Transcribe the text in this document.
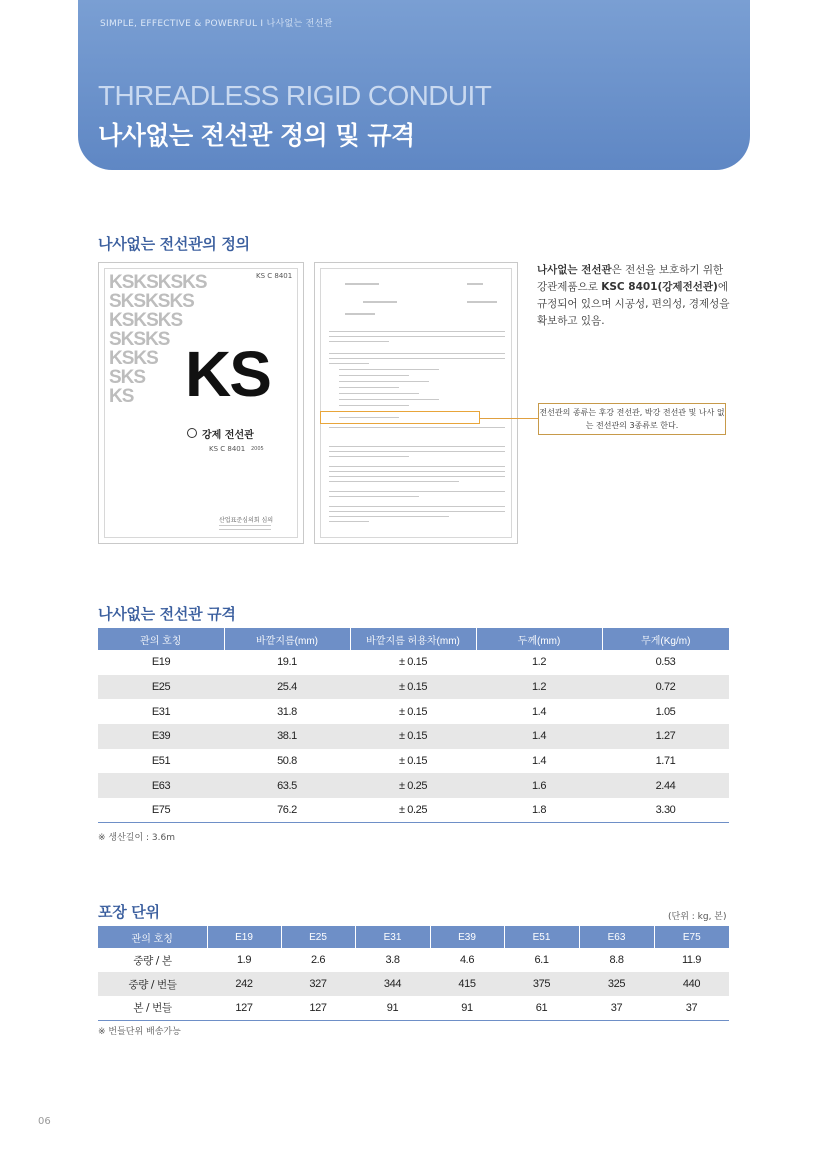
SIMPLE, EFFECTIVE & POWERFUL I 나사없는 전선관
THREADLESS RIGID CONDUIT
나사없는 전선관 정의 및 규격
나사없는 전선관의 정의
KS C 8401
KSKSKSKS
SKSKSKS
KSKSKS
SKSKS
KSKS
SKS
KS KS
강제 전선관
KS C 8401 2005
산업표준심의회 심의
나사없는 전선관은 전선을 보호하기 위한 강관제품으로 KSC 8401(강제전선관)에 규정되어 있으며 시공성, 편의성, 경제성을 확보하고 있음.
전선관의 종류는 후강 전선관, 박강 전선관 및 나사 없는 전선관의 3종류로 한다.
나사없는 전선관 규격
관의 호칭	바깥지름(mm)	바깥지름 허용차(mm)	두께(mm)	무게(Kg/m)
E19	19.1	± 0.15	1.2	0.53
E25	25.4	± 0.15	1.2	0.72
E31	31.8	± 0.15	1.4	1.05
E39	38.1	± 0.15	1.4	1.27
E51	50.8	± 0.15	1.4	1.71
E63	63.5	± 0.25	1.6	2.44
E75	76.2	± 0.25	1.8	3.30
※ 생산길이 : 3.6m
포장 단위	(단위 : kg, 본)
관의 호칭	E19	E25	E31	E39	E51	E63	E75
중량 / 본	1.9	2.6	3.8	4.6	6.1	8.8	11.9
중량 / 번들	242	327	344	415	375	325	440
본 / 번들	127	127	91	91	61	37	37
※ 번들단위 배송가능
06
